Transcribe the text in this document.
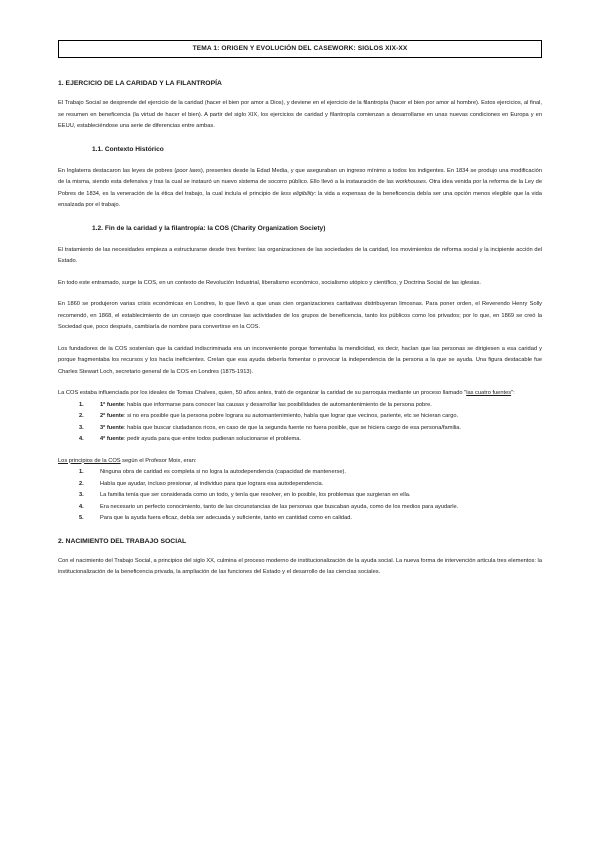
TEMA 1: ORIGEN Y EVOLUCIÓN DEL CASEWORK: SIGLOS XIX-XX
1. EJERCICIO DE LA CARIDAD Y LA FILANTROPÍA

El Trabajo Social se desprende del ejercicio de la caridad (hacer el bien por amor a Dios), y deviene en el ejercicio de la filantropía (hacer el bien por amor al hombre). Estos ejercicios, al final, se resumen en beneficencia (la virtud de hacer el bien). A partir del siglo XIX, los ejercicios de caridad y filantropía comienzan a desarrollarse en unas nuevas condiciones en Europa y en EEUU, estableciéndose una serie de diferencias entre ambas.

1.1. Contexto Histórico

En Inglaterra destacaron las leyes de pobres (poor laws), presentes desde la Edad Media, y que aseguraban un ingreso mínimo a todos los indigentes. En 1834 se produjo una modificación de la misma, siendo esta defensiva y tras la cual se instauró un nuevo sistema de socorro público. Ello llevó a la instauración de las workhouses. Otra idea venida por la reforma de la Ley de Pobres de 1834, es la veneración de la ética del trabajo, la cual incluía el principio de less eligibility: la vida a expensas de la beneficencia debía ser una opción menos elegible que la vida ensalzada por el trabajo.

1.2. Fin de la caridad y la filantropía: la COS (Charity Organization Society)

El tratamiento de las necesidades empieza a estructurarse desde tres frentes: las organizaciones de las sociedades de la caridad, los movimientos de reforma social y la incipiente acción del Estado.

En todo este entramado, surge la COS, en un contexto de Revolución Industrial, liberalismo económico, socialismo utópico y científico, y Doctrina Social de las iglesias.

En 1860 se produjeron varias crisis económicas en Londres, lo que llevó a que unas cien organizaciones caritativas distribuyeran limosnas. Para poner orden, el Reverendo Henry Solly recomendó, en 1868, el establecimiento de un consejo que coordinase las actividades de los grupos de beneficencia, tanto los públicos como los privados; por lo que, en 1869 se creó la Sociedad que, poco después, cambiaría de nombre para convertirse en la COS.

Los fundadores de la COS sostenían que la caridad indiscriminada era un inconveniente porque fomentaba la mendicidad, es decir, hacían que las personas se dirigiesen a esa caridad y porque fragmentaba los recursos y los hacía ineficientes. Creían que esa ayuda debería fomentar o provocar la independencia de la persona a la que se ayuda. Una figura destacable fue Charles Stewart Loch, secretario general de la COS en Londres (1875-1913).

La COS estaba influenciada por los ideales de Tomas Chalves, quien, 50 años antes, trató de organizar la caridad de su parroquia mediante un proceso llamado "las cuatro fuentes":

1.	1ª fuente: había que informarse para conocer las causas y desarrollar las posibilidades de automantenimiento de la persona pobre.
2.	2ª fuente: si no era posible que la persona pobre lograra su automantenimiento, había que lograr que vecinos, pariente, etc se hicieran cargo.
3.	3ª fuente: había que buscar ciudadanos ricos, en caso de que la segunda fuente no fuera posible, que se hiciera cargo de esa persona/familia.
4.	4ª fuente: pedir ayuda para que entre todos pudieran solucionarse el problema.

Los principios de la COS según el Profesor Moix, eran:

1.	Ninguna obra de caridad es completa si no logra la autodependencia (capacidad de mantenerse).
2.	Había que ayudar, incluso presionar, al individuo para que lograra esa autodependencia.
3.	La familia tenía que ser considerada como un todo, y tenía que resolver, en lo posible, los problemas que surgieran en ella.
4.	Era necesario un perfecto conocimiento, tanto de las circunstancias de las personas que buscaban ayuda, como de los medios para ayudarle.
5.	Para que la ayuda fuera eficaz, debía ser adecuada y suficiente, tanto en cantidad como en calidad.
2. NACIMIENTO DEL TRABAJO SOCIAL

Con el nacimiento del Trabajo Social, a principios del siglo XX, culmina el proceso moderno de institucionalización de la ayuda social. La nueva forma de intervención articula tres elementos: la institucionalización de la beneficencia privada, la ampliación de las funciones del Estado y el desarrollo de las ciencias sociales.
